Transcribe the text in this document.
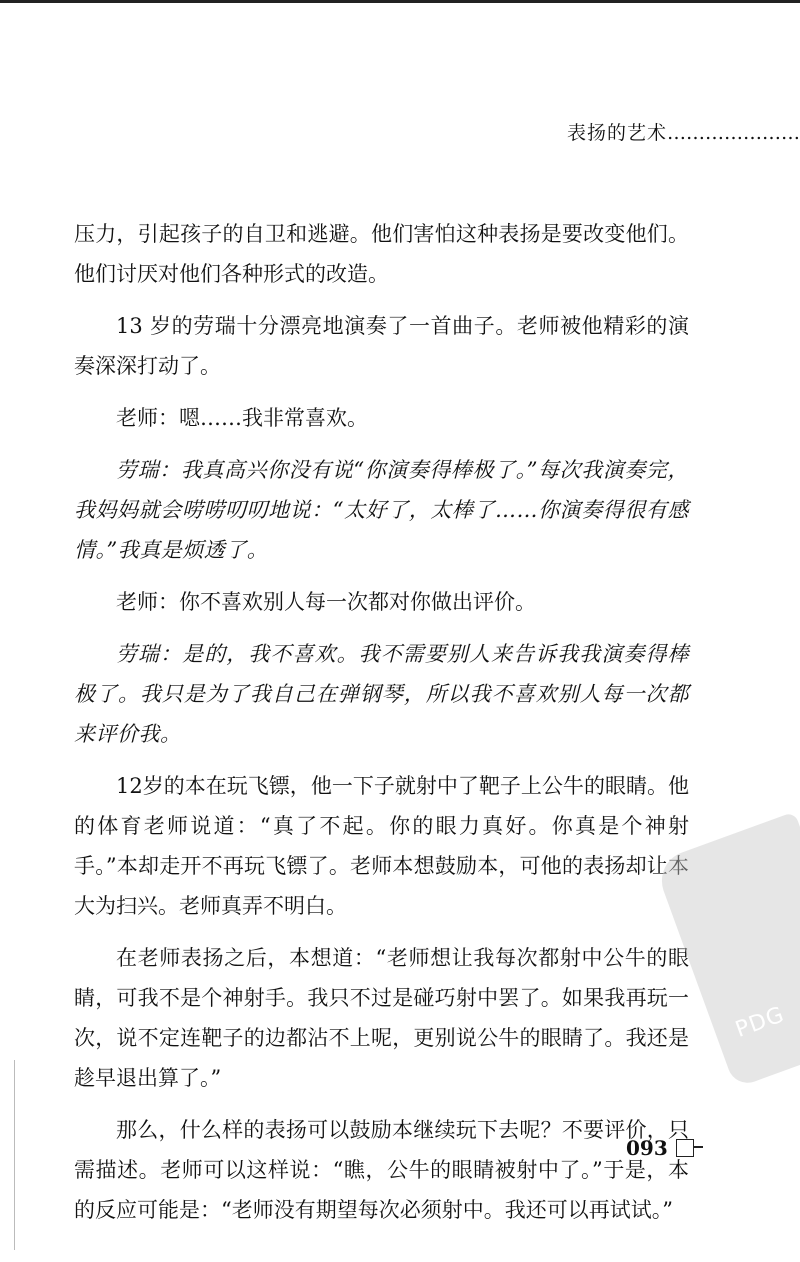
表扬的艺术…………………

压力，引起孩子的自卫和逃避。他们害怕这种表扬是要改变他们。他们讨厌对他们各种形式的改造。

13 岁的劳瑞十分漂亮地演奏了一首曲子。老师被他精彩的演奏深深打动了。

老师：嗯……我非常喜欢。

劳瑞：我真高兴你没有说“你演奏得棒极了。”每次我演奏完，我妈妈就会唠唠叨叨地说：“太好了，太棒了……你演奏得很有感情。”我真是烦透了。

老师：你不喜欢别人每一次都对你做出评价。

劳瑞：是的，我不喜欢。我不需要别人来告诉我我演奏得棒极了。我只是为了我自己在弹钢琴，所以我不喜欢别人每一次都来评价我。

12岁的本在玩飞镖，他一下子就射中了靶子上公牛的眼睛。他的体育老师说道：“真了不起。你的眼力真好。你真是个神射手。”本却走开不再玩飞镖了。老师本想鼓励本，可他的表扬却让本大为扫兴。老师真弄不明白。

在老师表扬之后，本想道：“老师想让我每次都射中公牛的眼睛，可我不是个神射手。我只不过是碰巧射中罢了。如果我再玩一次，说不定连靶子的边都沾不上呢，更别说公牛的眼睛了。我还是趁早退出算了。”

那么，什么样的表扬可以鼓励本继续玩下去呢？不要评价，只需描述。老师可以这样说：“瞧，公牛的眼睛被射中了。”于是，本的反应可能是：“老师没有期望每次必须射中。我还可以再试试。”

PDG
093
